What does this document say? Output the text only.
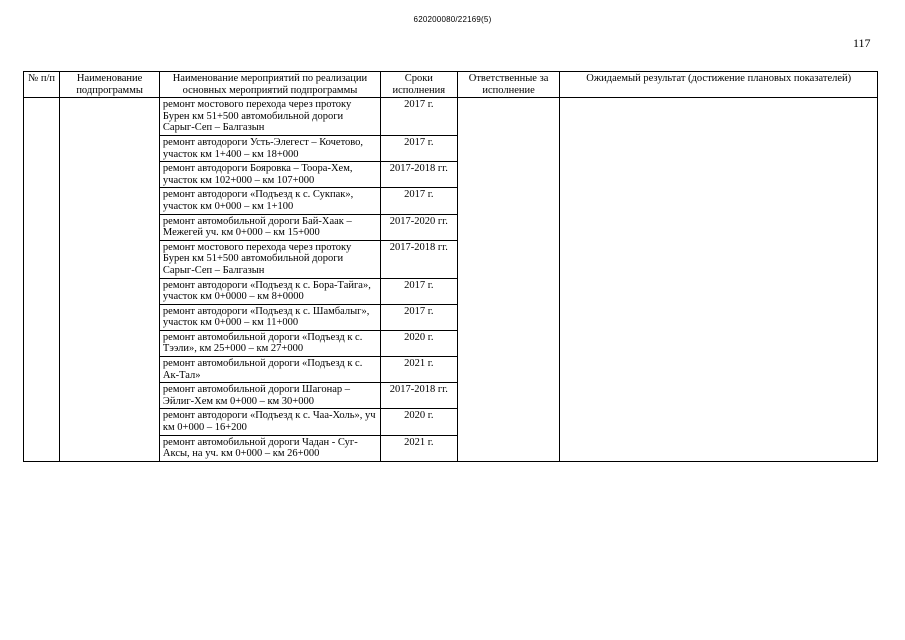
620200080/22169(5)
117
№ п/п	Наименование подпрограммы	Наименование мероприятий по реализации основных мероприятий подпрограммы	Сроки исполнения	Ответственные за исполнение	Ожидаемый результат (достижение плановых показателей)
		ремонт мостового перехода через протоку Бурен км 51+500 автомобильной дороги Сарыг-Сеп – Балгазын	2017 г.		
		ремонт автодороги Усть-Элегест – Кочетово, участок км 1+400 – км 18+000	2017 г.		
		ремонт автодороги Бояровка – Тоора-Хем, участок км 102+000 – км 107+000	2017-2018 гг.		
		ремонт автодороги «Подъезд к с. Сукпак», участок км 0+000 – км 1+100	2017 г.		
		ремонт автомобильной дороги Бай-Хаак – Межегей уч. км 0+000 – км 15+000	2017-2020 гг.		
		ремонт мостового перехода через протоку Бурен км 51+500 автомобильной дороги Сарыг-Сеп – Балгазын	2017-2018 гг.		
		ремонт автодороги «Подъезд к с. Бора-Тайга», участок км 0+0000 – км 8+0000	2017 г.		
		ремонт автодороги «Подъезд к с. Шамбалыг», участок км 0+000 – км 11+000	2017 г.		
		ремонт автомобильной дороги «Подъезд к с. Тээли», км 25+000 – км 27+000	2020 г.		
		ремонт автомобильной дороги «Подъезд к с. Ак-Тал»	2021 г.		
		ремонт автомобильной дороги Шагонар – Эйлиг-Хем км 0+000 – км 30+000	2017-2018 гг.		
		ремонт автодороги «Подъезд к с. Чаа-Холь», уч км 0+000 – 16+200	2020 г.		
		ремонт автомобильной дороги Чадан - Суг-Аксы, на уч. км 0+000 – км 26+000	2021 г.		
